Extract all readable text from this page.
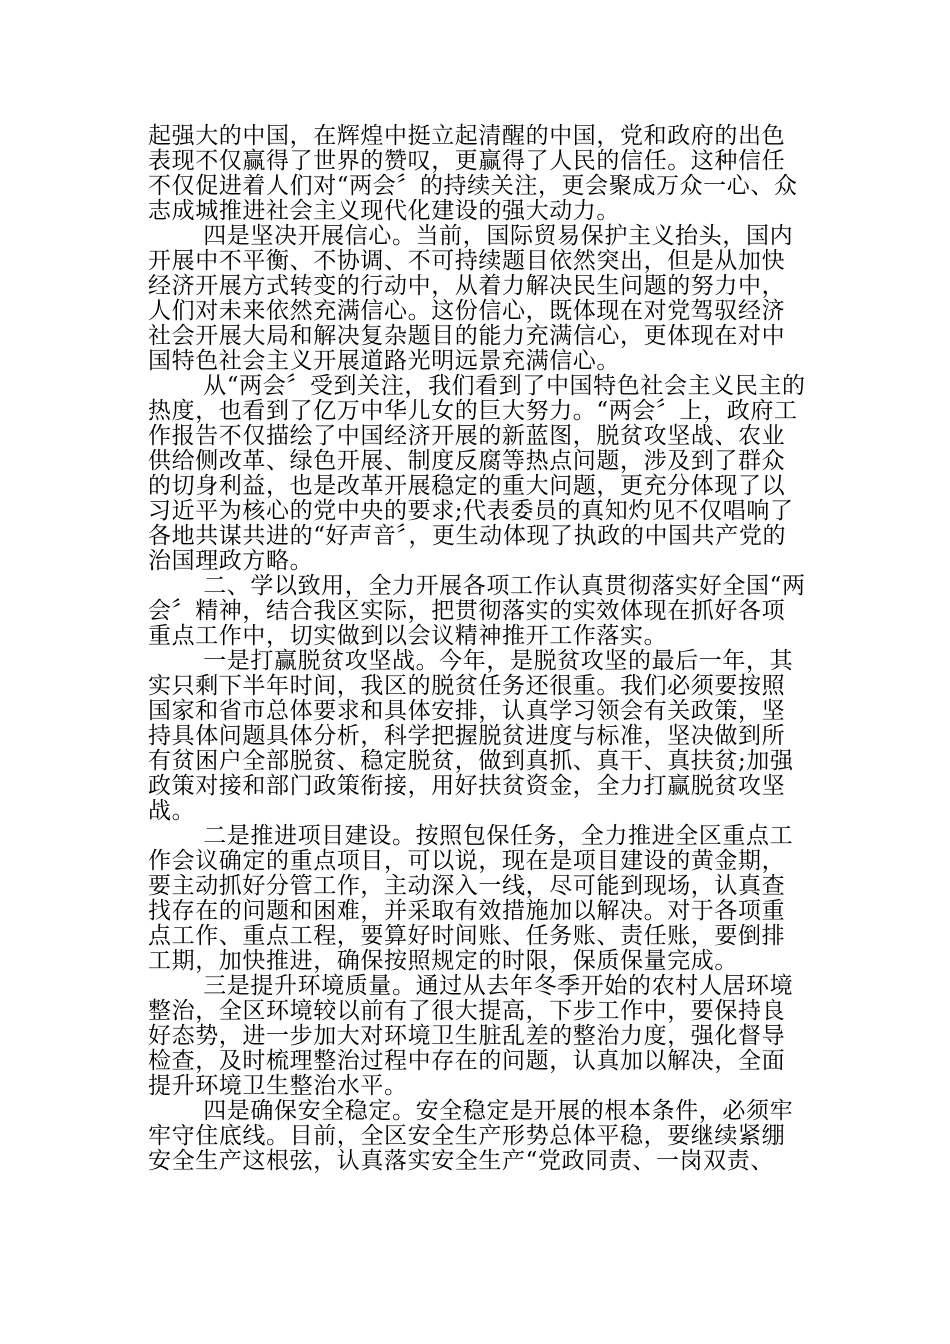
起强大的中国，在辉煌中挺立起清醒的中国，党和政府的出色表现不仅赢得了世界的赞叹，更赢得了人民的信任。这种信任不仅促进着人们对“两会〞的持续关注，更会聚成万众一心、众志成城推进社会主义现代化建设的强大动力。

四是坚决开展信心。当前，国际贸易保护主义抬头，国内开展中不平衡、不协调、不可持续题目依然突出，但是从加快经济开展方式转变的行动中，从着力解决民生问题的努力中，人们对未来依然充满信心。这份信心，既体现在对党驾驭经济社会开展大局和解决复杂题目的能力充满信心，更体现在对中国特色社会主义开展道路光明远景充满信心。

从“两会〞受到关注，我们看到了中国特色社会主义民主的热度，也看到了亿万中华儿女的巨大努力。“两会〞上，政府工作报告不仅描绘了中国经济开展的新蓝图，脱贫攻坚战、农业供给侧改革、绿色开展、制度反腐等热点问题，涉及到了群众的切身利益，也是改革开展稳定的重大问题，更充分体现了以习近平为核心的党中央的要求;代表委员的真知灼见不仅唱响了各地共谋共进的“好声音〞，更生动体现了执政的中国共产党的治国理政方略。

二、学以致用，全力开展各项工作认真贯彻落实好全国“两会〞精神，结合我区实际，把贯彻落实的实效体现在抓好各项重点工作中，切实做到以会议精神推开工作落实。

一是打赢脱贫攻坚战。今年，是脱贫攻坚的最后一年，其实只剩下半年时间，我区的脱贫任务还很重。我们必须要按照国家和省市总体要求和具体安排，认真学习领会有关政策，坚持具体问题具体分析，科学把握脱贫进度与标准，坚决做到所有贫困户全部脱贫、稳定脱贫，做到真抓、真干、真扶贫;加强政策对接和部门政策衔接，用好扶贫资金，全力打赢脱贫攻坚战。

二是推进项目建设。按照包保任务，全力推进全区重点工作会议确定的重点项目，可以说，现在是项目建设的黄金期，要主动抓好分管工作，主动深入一线，尽可能到现场，认真查找存在的问题和困难，并采取有效措施加以解决。对于各项重点工作、重点工程，要算好时间账、任务账、责任账，要倒排工期，加快推进，确保按照规定的时限，保质保量完成。

三是提升环境质量。通过从去年冬季开始的农村人居环境整治，全区环境较以前有了很大提高，下步工作中，要保持良好态势，进一步加大对环境卫生脏乱差的整治力度，强化督导检查，及时梳理整治过程中存在的问题，认真加以解决，全面提升环境卫生整治水平。

四是确保安全稳定。安全稳定是开展的根本条件，必须牢牢守住底线。目前，全区安全生产形势总体平稳，要继续紧绷安全生产这根弦，认真落实安全生产“党政同责、一岗双责、
